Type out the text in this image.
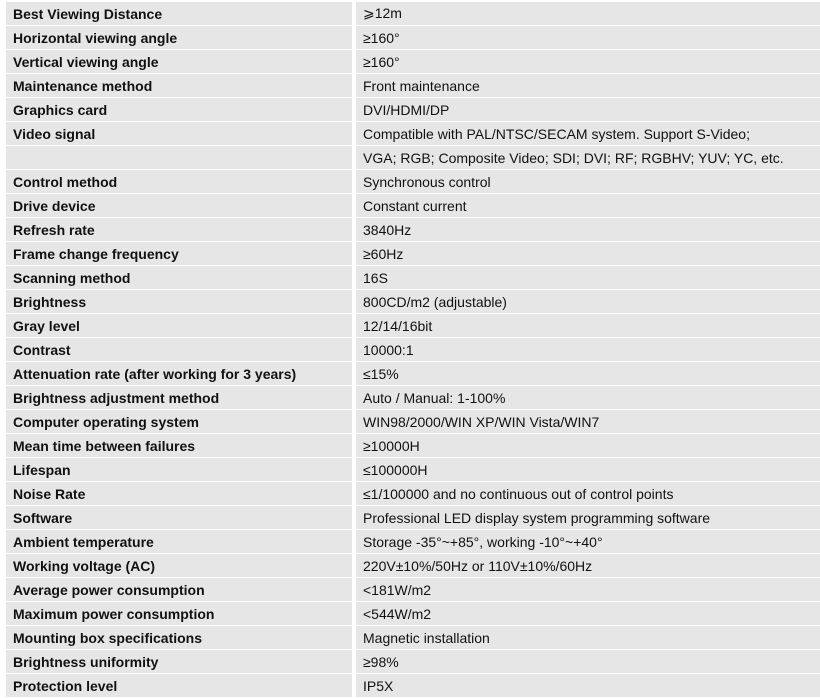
Best Viewing Distance	⩾12m
Horizontal viewing angle	≥160°
Vertical viewing angle	≥160°
Maintenance method	Front maintenance
Graphics card	DVI/HDMI/DP
Video signal	Compatible with PAL/NTSC/SECAM system. Support S-Video;
	VGA; RGB; Composite Video; SDI; DVI; RF; RGBHV; YUV; YC, etc.
Control method	Synchronous control
Drive device	Constant current
Refresh rate	3840Hz
Frame change frequency	≥60Hz
Scanning method	16S
Brightness	800CD/m2 (adjustable)
Gray level	12/14/16bit
Contrast	10000:1
Attenuation rate (after working for 3 years)	≤15%
Brightness adjustment method	Auto / Manual: 1-100%
Computer operating system	WIN98/2000/WIN XP/WIN Vista/WIN7
Mean time between failures	≥10000H
Lifespan	≤100000H
Noise Rate	≤1/100000 and no continuous out of control points
Software	Professional LED display system programming software
Ambient temperature	Storage -35°~+85°, working -10°~+40°
Working voltage (AC)	220V±10%/50Hz or 110V±10%/60Hz
Average power consumption	<181W/m2
Maximum power consumption	<544W/m2
Mounting box specifications	Magnetic installation
Brightness uniformity	≥98%
Protection level	IP5X
